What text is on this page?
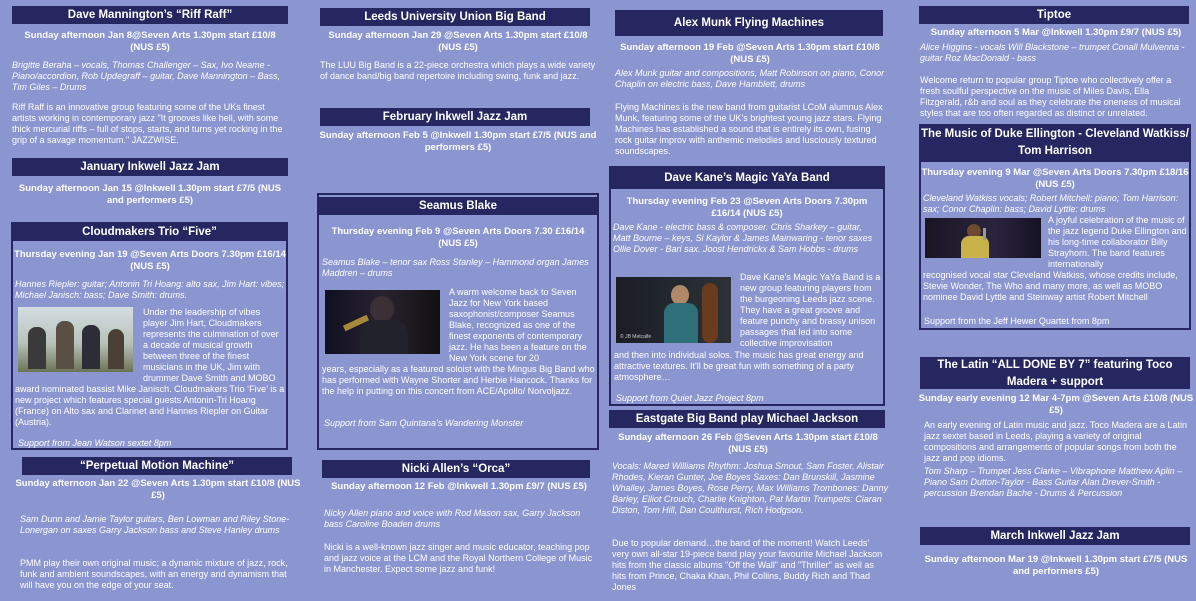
Dave Mannington’s “Riff Raff”
Sunday afternoon Jan 8@Seven Arts 1.30pm start £10/8 (NUS £5)
Brigitte Beraha – vocals, Thomas Challenger – Sax, Ivo Neame - Piano/accordion, Rob Updegraff – guitar, Dave Mannington – Bass, Tim Giles – Drums
Riff Raff is an innovative group featuring some of the UKs finest artists working in contemporary jazz "It grooves like hell, with some thick mercurial riffs – full of stops, starts, and turns yet rocking in the grip of a savage momentum." JAZZWISE.
January Inkwell Jazz Jam
Sunday afternoon Jan 15 @Inkwell 1.30pm start £7/5 (NUS and performers £5)
Cloudmakers Trio “Five”
Thursday evening Jan 19 @Seven Arts Doors 7.30pm £16/14 (NUS £5)
Hannes Riepler: guitar; Antonin Tri Hoang: alto sax, Jim Hart: vibes; Michael Janisch: bass; Dave Smith: drums.
Under the leadership of vibes player Jim Hart, Cloudmakers represents the culmination of over a decade of musical growth between three of the finest musicians in the UK, Jim with drummer Dave Smith and MOBO
award nominated bassist Mike Janisch. Cloudmakers Trio ‘Five’ is a new project which features special guests Antonin-Tri Hoang (France) on Alto sax and Clarinet and Hannes Riepler on Guitar (Austria).
Support from Jean Watson sextet 8pm
“Perpetual Motion Machine”
Sunday afternoon Jan 22 @Seven Arts 1.30pm start £10/8 (NUS £5)
Sam Dunn and Jamie Taylor guitars, Ben Lowman and Riley Stone-Lonergan on saxes Garry Jackson bass and Steve Hanley drums
PMM play their own original music; a dynamic mixture of jazz, rock, funk and ambient soundscapes, with an energy and dynamism that will have you on the edge of your seat.
Leeds University Union Big Band
Sunday afternoon Jan 29 @Seven Arts 1.30pm start £10/8 (NUS £5)
The LUU Big Band is a 22-piece orchestra which plays a wide variety of dance band/big band repertoire including swing, funk and jazz.
February Inkwell Jazz Jam
Sunday afternoon Feb 5 @Inkwell 1.30pm start £7/5 (NUS and performers £5)
Seamus Blake
Thursday evening Feb 9 @Seven Arts Doors 7.30 £16/14 (NUS £5)
Seamus Blake – tenor sax Ross Stanley – Hammond organ James Maddren – drums
A warm welcome back to Seven Jazz for New York based saxophonist/composer Seamus Blake, recognized as one of the finest exponents of contemporary jazz. He has been a feature on the New York scene for 20
years, especially as a featured soloist with the Mingus Big Band who has performed with Wayne Shorter and Herbie Hancock. Thanks for the help in putting on this concert from ACE/Apollo/ Norvoljazz.
Support from Sam Quintana’s Wandering Monster
Nicki Allen’s “Orca”
Sunday afternoon 12 Feb @Inkwell 1.30pm £9/7 (NUS £5)
Nicky Allen piano and voice with Rod Mason sax, Garry Jackson bass Caroline Boaden drums
Nicki is a well-known jazz singer and music educator, teaching pop and jazz voice at the LCM and the Royal Northern College of Music in Manchester. Expect some jazz and funk!
Alex Munk Flying Machines
Sunday afternoon 19 Feb @Seven Arts 1.30pm start £10/8 (NUS £5)
Alex Munk guitar and compositions, Matt Robinson on piano, Conor Chaplin on electric bass, Dave Hamblett, drums
Flying Machines is the new band from guitarist LCoM alumnus Alex Munk, featuring some of the UK's brightest young jazz stars. Flying Machines has established a sound that is entirely its own, fusing rock guitar improv with anthemic melodies and lusciously textured soundscapes.
Dave Kane’s Magic YaYa Band
Thursday evening Feb 23 @Seven Arts Doors 7.30pm £16/14 (NUS £5)
Dave Kane - electric bass & composer. Chris Sharkey – guitar, Matt Bourne – keys, Si Kaylor & James Mainwaring - tenor saxes Ollie Dover - Bari sax. Joost Hendrickx & Sam Hobbs - drums
© JB Metcalfe
Dave Kane's Magic YaYa Band is a new group featuring players from the burgeoning Leeds jazz scene. They have a great groove and feature punchy and brassy unison passages that led into some collective improvisation
and then into individual solos. The music has great energy and attractive textures. It'll be great fun with something of a party atmosphere…
Support from Quiet Jazz Project 8pm
Eastgate Big Band play Michael Jackson
Sunday afternoon 26 Feb @Seven Arts 1.30pm start £10/8 (NUS £5)
Vocals: Mared Williams Rhythm: Joshua Smout, Sam Foster, Alistair Rhodes, Kieran Gunter, Joe Boyes Saxes: Dan Brunskill, Jasmine Whalley, James Boyes, Rose Perry, Max Williams Trombones: Danny Barley, Elliot Crouch, Charlie Knighton, Pat Martin Trumpets: Ciaran Diston, Tom Hill, Dan Coulthurst, Rich Hodgson.
Due to popular demand…the band of the moment! Watch Leeds' very own all-star 19-piece band play your favourite Michael Jackson hits from the classic albums "Off the Wall" and "Thriller" as well as hits from Prince, Chaka Khan, Phil Collins, Buddy Rich and Thad Jones
Tiptoe
Sunday afternoon 5 Mar @Inkwell 1.30pm £9/7 (NUS £5)
Alice Higgins - vocals Will Blackstone – trumpet Conall Mulvenna - guitar Roz MacDonald - bass
Welcome return to popular group Tiptoe who collectively offer a fresh soulful perspective on the music of Miles Davis, Ella Fitzgerald, r&b and soul as they celebrate the oneness of musical styles that are too often regarded as distinct or unrelated.
The Music of Duke Ellington - Cleveland Watkiss/ Tom Harrison
Thursday evening 9 Mar @Seven Arts Doors 7.30pm £18/16 (NUS £5)
Cleveland Watkiss vocals; Robert Mitchell: piano; Tom Harrison: sax; Conor Chaplin: bass; David Lyttle: drums
A joyful celebration of the music of the jazz legend Duke Ellington and his long-time collaborator Billy Strayhorn. The band features internationally
recognised vocal star Cleveland Watkiss, whose credits include, Stevie Wonder, The Who and many more, as well as MOBO nominee David Lyttle and Steinway artist Robert Mitchell
Support from the Jeff Hewer Quartet from 8pm
The Latin “ALL DONE BY 7” featuring Toco Madera + support
Sunday early evening 12 Mar 4-7pm @Seven Arts £10/8 (NUS £5)
An early evening of Latin music and jazz. Toco Madera are a Latin jazz sextet based in Leeds, playing a variety of original compositions and arrangements of popular songs from both the jazz and pop idioms.
Tom Sharp – Trumpet Jess Clarke – Vibraphone Matthew Aplin – Piano Sam Dutton-Taylor - Bass Guitar Alan Drever-Smith - percussion Brendan Bache - Drums & Percussion
March Inkwell Jazz Jam
Sunday afternoon Mar 19 @Inkwell 1.30pm start £7/5 (NUS and performers £5)
